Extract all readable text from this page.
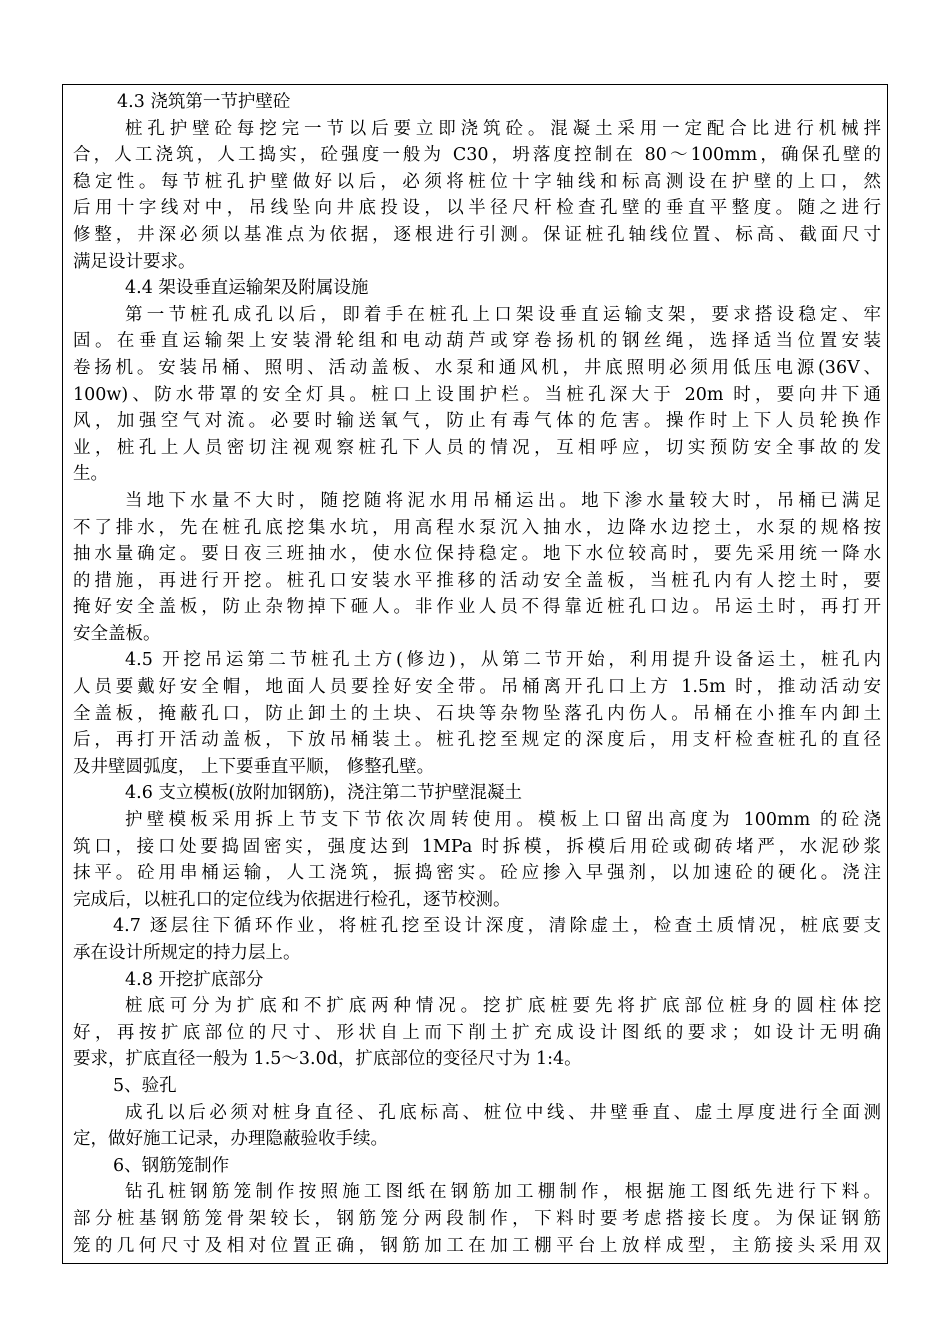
4.3 浇筑第一节护壁砼

桩孔护壁砼每挖完一节以后要立即浇筑砼。混凝土采用一定配合比进行机械拌

合，人工浇筑，人工捣实，砼强度一般为 C30，坍落度控制在 80～100mm，确保孔壁的

稳定性。每节桩孔护壁做好以后，必须将桩位十字轴线和标高测设在护壁的上口，然

后用十字线对中，吊线坠向井底投设，以半径尺杆检查孔壁的垂直平整度。随之进行

修整，井深必须以基准点为依据，逐根进行引测。保证桩孔轴线位置、标高、截面尺寸

满足设计要求。

4.4 架设垂直运输架及附属设施

第一节桩孔成孔以后，即着手在桩孔上口架设垂直运输支架，要求搭设稳定、牢

固。在垂直运输架上安装滑轮组和电动葫芦或穿卷扬机的钢丝绳，选择适当位置安装

卷扬机。安装吊桶、照明、活动盖板、水泵和通风机，井底照明必须用低压电源(36V、

100w)、防水带罩的安全灯具。桩口上设围护栏。当桩孔深大于 20m 时，要向井下通

风，加强空气对流。必要时输送氧气，防止有毒气体的危害。操作时上下人员轮换作

业，桩孔上人员密切注视观察桩孔下人员的情况，互相呼应，切实预防安全事故的发

生。

当地下水量不大时，随挖随将泥水用吊桶运出。地下渗水量较大时，吊桶已满足

不了排水，先在桩孔底挖集水坑，用高程水泵沉入抽水，边降水边挖土，水泵的规格按

抽水量确定。要日夜三班抽水，使水位保持稳定。地下水位较高时，要先采用统一降水

的措施，再进行开挖。桩孔口安装水平推移的活动安全盖板，当桩孔内有人挖土时，要

掩好安全盖板，防止杂物掉下砸人。非作业人员不得靠近桩孔口边。吊运土时，再打开

安全盖板。

4.5 开挖吊运第二节桩孔土方(修边)，从第二节开始，利用提升设备运土，桩孔内

人员要戴好安全帽，地面人员要拴好安全带。吊桶离开孔口上方 1.5m 时，推动活动安

全盖板，掩蔽孔口，防止卸土的土块、石块等杂物坠落孔内伤人。吊桶在小推车内卸土

后，再打开活动盖板，下放吊桶装土。桩孔挖至规定的深度后，用支杆检查桩孔的直径

及井壁圆弧度， 上下要垂直平顺， 修整孔壁。

4.6 支立模板(放附加钢筋)，浇注第二节护壁混凝土

护壁模板采用拆上节支下节依次周转使用。模板上口留出高度为 100mm 的砼浇

筑口，接口处要捣固密实，强度达到 1MPa 时拆模，拆模后用砼或砌砖堵严，水泥砂浆

抹平。砼用串桶运输，人工浇筑，振捣密实。砼应掺入早强剂，以加速砼的硬化。浇注

完成后，以桩孔口的定位线为依据进行检孔，逐节校测。

4.7 逐层往下循环作业，将桩孔挖至设计深度，清除虚土，检查土质情况，桩底要支

承在设计所规定的持力层上。

4.8 开挖扩底部分

桩底可分为扩底和不扩底两种情况。挖扩底桩要先将扩底部位桩身的圆柱体挖

好，再按扩底部位的尺寸、形状自上而下削土扩充成设计图纸的要求；如设计无明确

要求，扩底直径一般为 1.5～3.0d，扩底部位的变径尺寸为 1:4。

5、验孔

成孔以后必须对桩身直径、孔底标高、桩位中线、井壁垂直、虚土厚度进行全面测

定，做好施工记录，办理隐蔽验收手续。

6、钢筋笼制作

钻孔桩钢筋笼制作按照施工图纸在钢筋加工棚制作，根据施工图纸先进行下料。

部分桩基钢筋笼骨架较长，钢筋笼分两段制作，下料时要考虑搭接长度。为保证钢筋

笼的几何尺寸及相对位置正确，钢筋加工在加工棚平台上放样成型，主筋接头采用双
